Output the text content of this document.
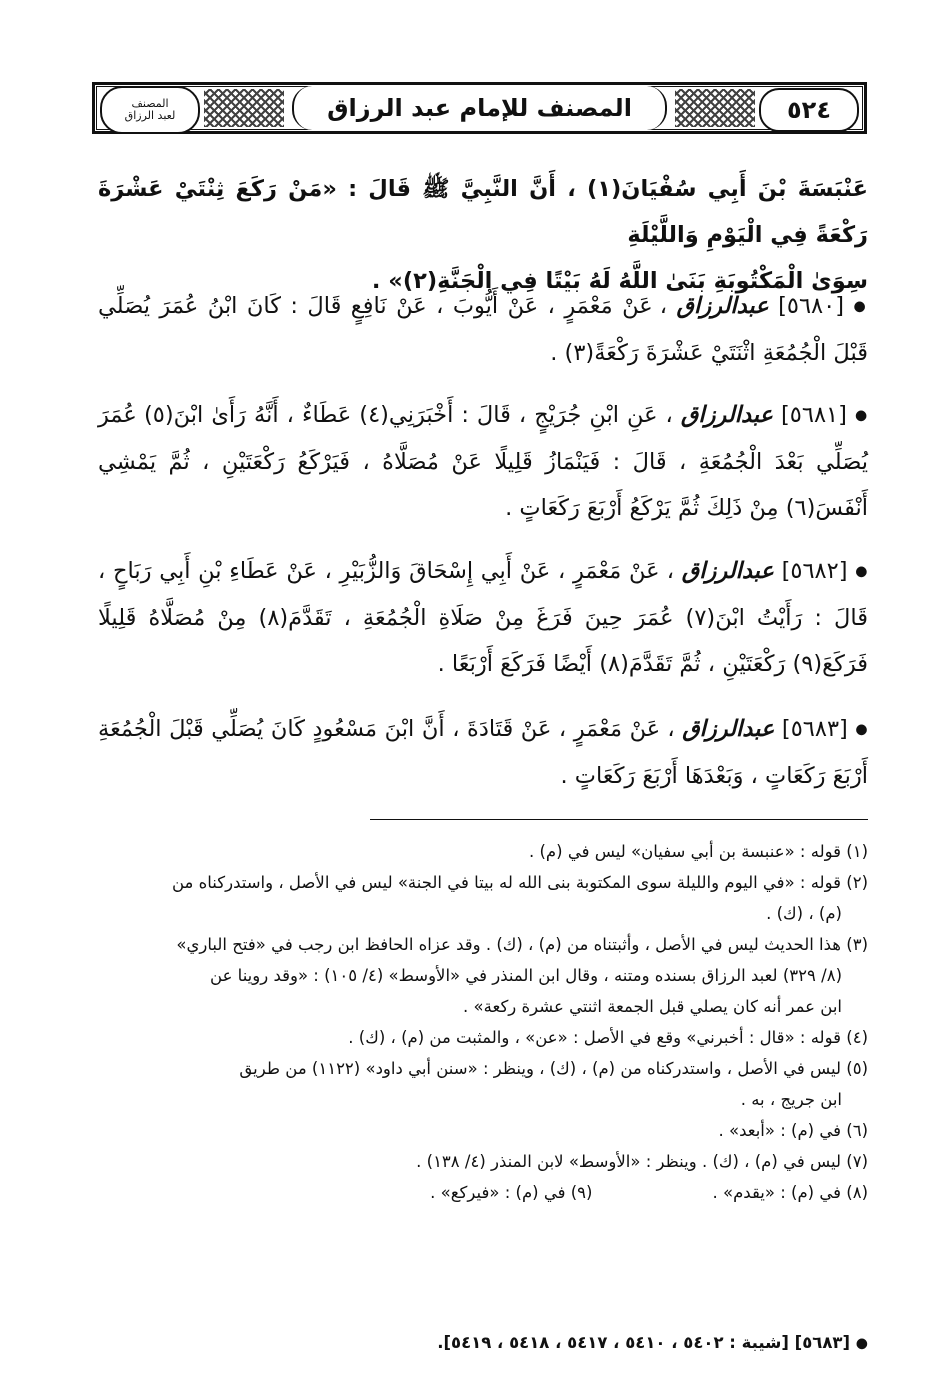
المصنف
لعبد الرزاق	المصنف للإمام عبد الرزاق	٥٢٤
عَنْبَسَةَ بْنَ أَبِي سُفْيَانَ(١) ، أَنَّ النَّبِيَّ ﷺ قَالَ : «مَنْ رَكَعَ ثِنْتَيْ عَشْرَةَ رَكْعَةً فِي الْيَوْمِ وَاللَّيْلَةِ
سِوَىٰ الْمَكْتُوبَةِ بَنَىٰ اللَّهُ لَهُ بَيْتًا فِي الْجَنَّةِ(٢)» .
● [٥٦٨٠] عبدالرزاق ، عَنْ مَعْمَرٍ ، عَنْ أَيُّوبَ ، عَنْ نَافِعٍ قَالَ : كَانَ ابْنُ عُمَرَ يُصَلِّي قَبْلَ الْجُمُعَةِ اثْنَتَيْ عَشْرَةَ رَكْعَةً(٣) .
● [٥٦٨١] عبدالرزاق ، عَنِ ابْنِ جُرَيْجٍ ، قَالَ : أَخْبَرَنِي(٤) عَطَاءٌ ، أَنَّهُ رَأَىٰ ابْنَ(٥) عُمَرَ يُصَلِّي بَعْدَ الْجُمُعَةِ ، قَالَ : فَيَنْمَازُ قَلِيلًا عَنْ مُصَلَّاهُ ، فَيَرْكَعُ رَكْعَتَيْنِ ، ثُمَّ يَمْشِي أَنْفَسَ(٦) مِنْ ذَلِكَ ثُمَّ يَرْكَعُ أَرْبَعَ رَكَعَاتٍ .
● [٥٦٨٢] عبدالرزاق ، عَنْ مَعْمَرٍ ، عَنْ أَبِي إِسْحَاقَ وَالزُّبَيْرِ ، عَنْ عَطَاءِ بْنِ أَبِي رَبَاحٍ ، قَالَ : رَأَيْتُ ابْنَ(٧) عُمَرَ حِينَ فَرَغَ مِنْ صَلَاةِ الْجُمُعَةِ ، تَقَدَّمَ(٨) مِنْ مُصَلَّاهُ قَلِيلًا فَرَكَعَ(٩) رَكْعَتَيْنِ ، ثُمَّ تَقَدَّمَ(٨) أَيْضًا فَرَكَعَ أَرْبَعًا .
● [٥٦٨٣] عبدالرزاق ، عَنْ مَعْمَرٍ ، عَنْ قَتَادَةَ ، أَنَّ ابْنَ مَسْعُودٍ كَانَ يُصَلِّي قَبْلَ الْجُمُعَةِ أَرْبَعَ رَكَعَاتٍ ، وَبَعْدَهَا أَرْبَعَ رَكَعَاتٍ .
(١) قوله : «عنبسة بن أبي سفيان» ليس في (م) .
(٢) قوله : «في اليوم والليلة سوى المكتوبة بنى الله له بيتا في الجنة» ليس في الأصل ، واستدركناه من
(م) ، (ك) .
(٣) هذا الحديث ليس في الأصل ، وأثبتناه من (م) ، (ك) . وقد عزاه الحافظ ابن رجب في «فتح الباري»
(٨/ ٣٢٩) لعبد الرزاق بسنده ومتنه ، وقال ابن المنذر في «الأوسط» (٤/ ١٠٥) : «وقد روينا عن
ابن عمر أنه كان يصلي قبل الجمعة اثنتي عشرة ركعة» .
(٤) قوله : «قال : أخبرني» وقع في الأصل : «عن» ، والمثبت من (م) ، (ك) .
(٥) ليس في الأصل ، واستدركناه من (م) ، (ك) ، وينظر : «سنن أبي داود» (١١٢٢) من طريق
ابن جريج ، به .
(٦) في (م) : «أبعد» .
(٧) ليس في (م) ، (ك) . وينظر : «الأوسط» لابن المنذر (٤/ ١٣٨) .
(٨) في (م) : «يقدم» .
(٩) في (م) : «فيركع» .
● [٥٦٨٣] [شيبة : ٥٤٠٢ ، ٥٤١٠ ، ٥٤١٧ ، ٥٤١٨ ، ٥٤١٩].
